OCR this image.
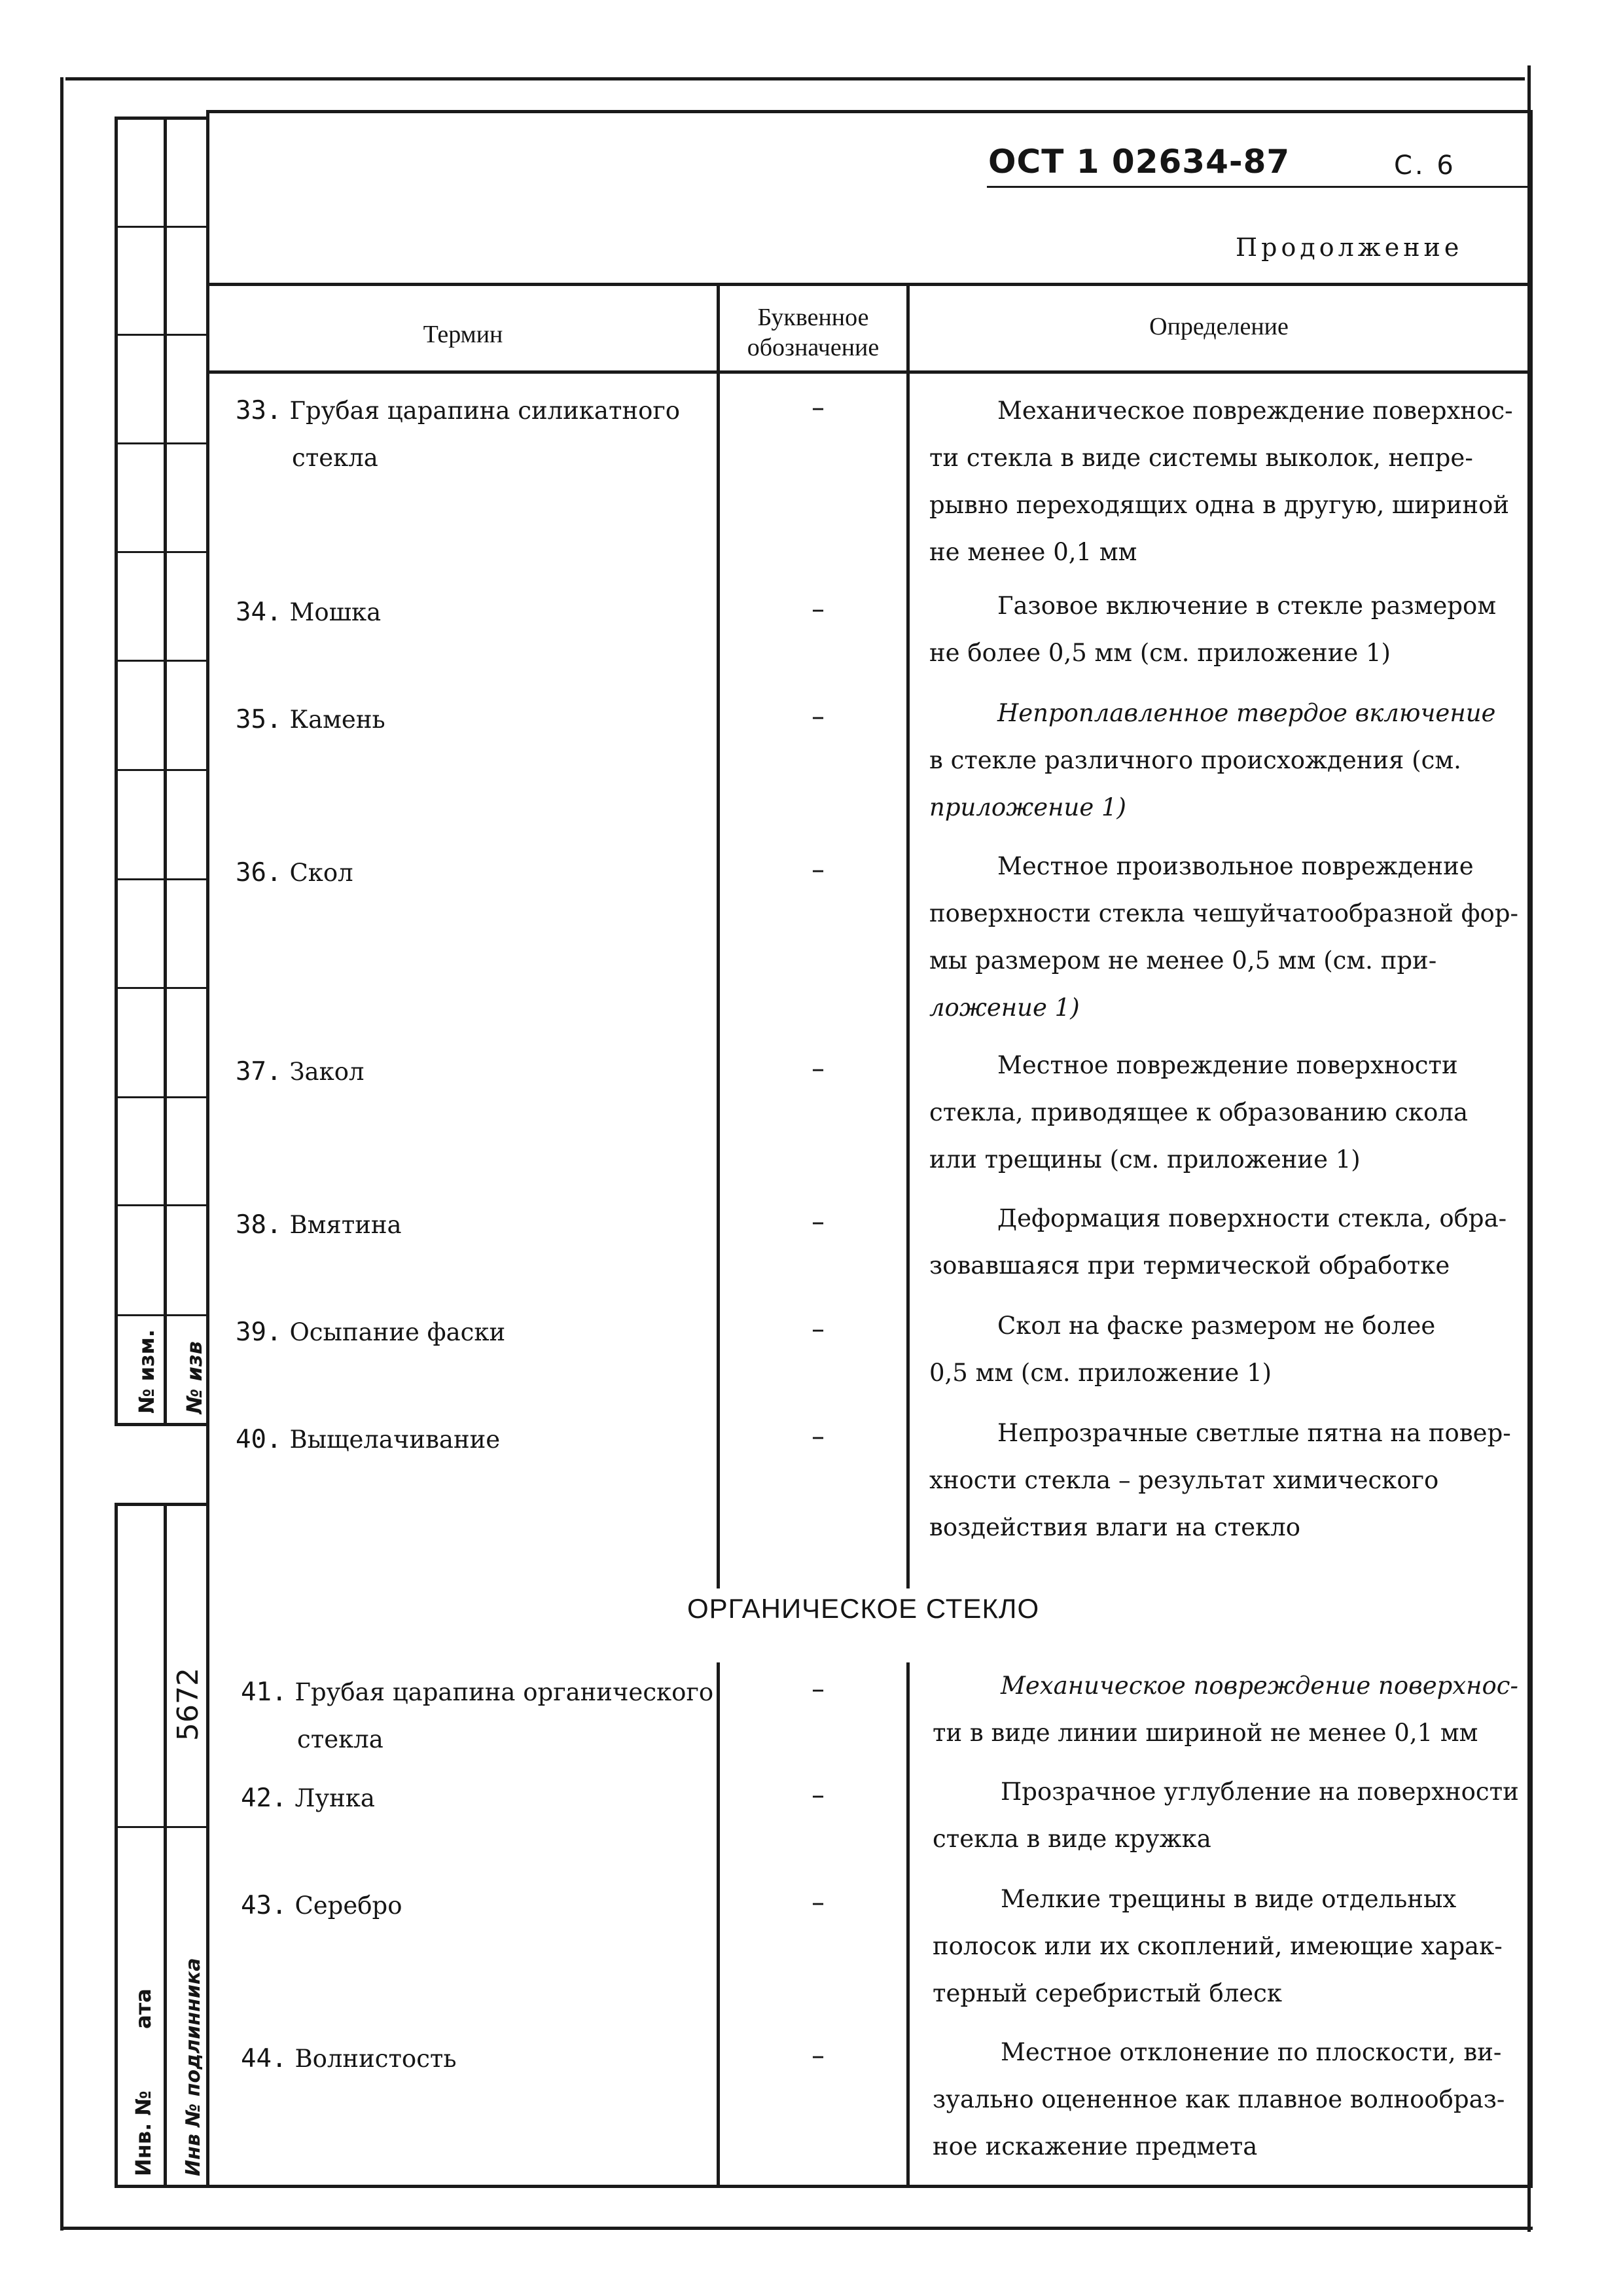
№ изм. № изв
5672
Инв. №
ата Инв № подлинника
ОСТ 1 02634-87	С. 6
Продолжение
Термин
Буквенное
обозначение
Определение
33. Грубая царапина силикатного
стекла
–	Механическое повреждение поверхнос-
ти стекла в виде системы выколок, непре-
рывно переходящих одна в другую, шириной
не менее 0,1 мм
34. Мошка	–	Газовое включение в стекле размером
не более 0,5 мм (см. приложение 1)
35. Камень	–	Непроплавленное твердое включение
в стекле различного происхождения (см.
приложение 1)
36. Скол	–	Местное произвольное повреждение
поверхности стекла чешуйчатообразной фор-
мы размером не менее 0,5 мм (см. при-
ложение 1)
37. Закол	–	Местное повреждение поверхности
стекла, приводящее к образованию скола
или трещины (см. приложение 1)
38. Вмятина	–	Деформация поверхности стекла, обра-
зовавшаяся при термической обработке
39. Осыпание фаски	–	Скол на фаске размером не более
0,5 мм (см. приложение 1)
40. Выщелачивание	–	Непрозрачные светлые пятна на повер-
хности стекла – результат химического
воздействия влаги на стекло
ОРГАНИЧЕСКОЕ СТЕКЛО
41. Грубая царапина органического
стекла
–	Механическое повреждение поверхнос-
ти в виде линии шириной не менее 0,1 мм
42. Лунка	–	Прозрачное углубление на поверхности
стекла в виде кружка
43. Серебро	–	Мелкие трещины в виде отдельных
полосок или их скоплений, имеющие харак-
терный серебристый блеск
44. Волнистость	–	Местное отклонение по плоскости, ви-
зуально оцененное как плавное волнообраз-
ное искажение предмета
